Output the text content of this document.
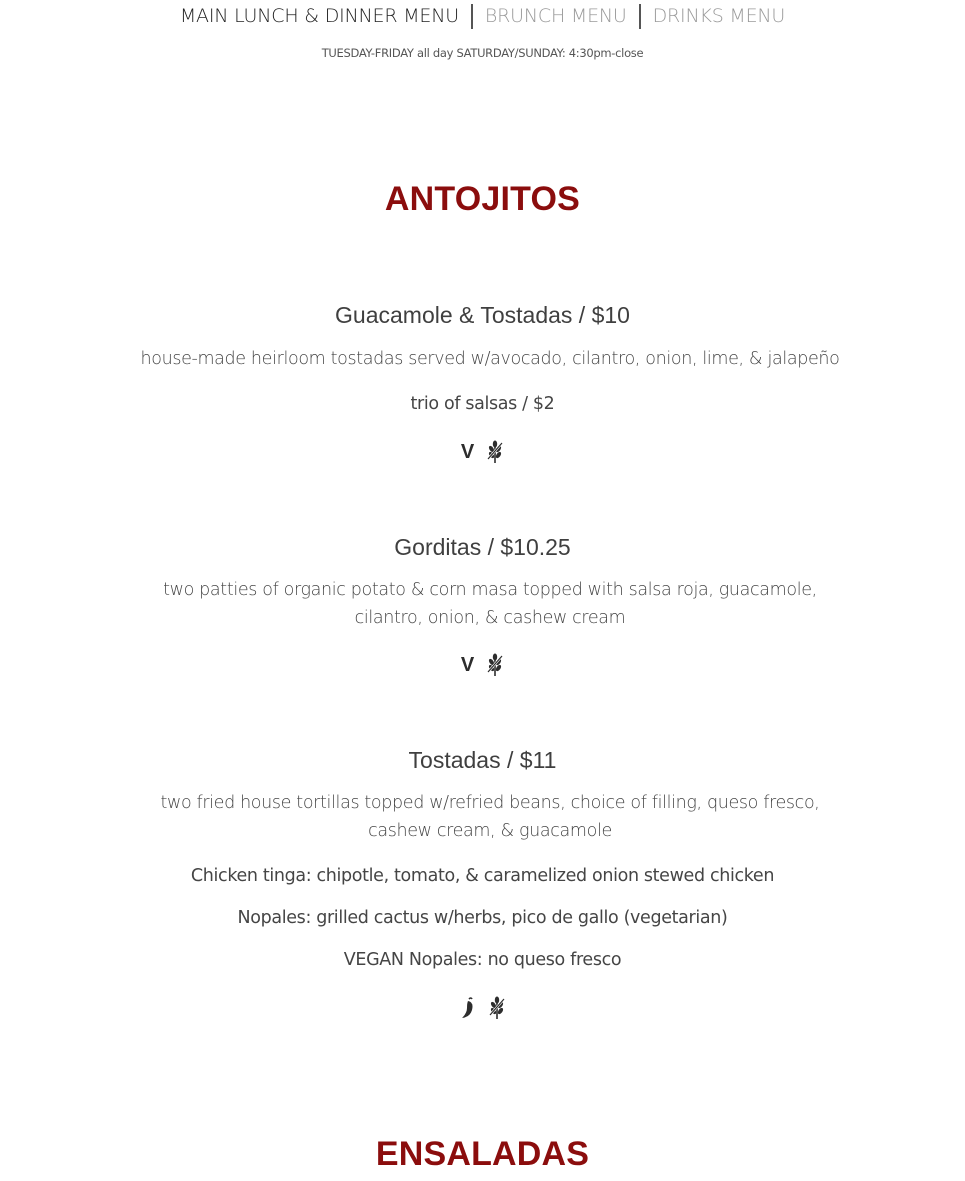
MAIN LUNCH & DINNER MENU	BRUNCH MENU	DRINKS MENU
TUESDAY-FRIDAY all day SATURDAY/SUNDAY: 4:30pm-close
ANTOJITOS
Guacamole & Tostadas / $10
house-made heirloom tostadas served w/avocado, cilantro, onion, lime, & jalapeño
trio of salsas / $2
V
Gorditas / $10.25
two patties of organic potato & corn masa topped with salsa roja, guacamole, cilantro, onion, & cashew cream
V
Tostadas / $11
two fried house tortillas topped w/refried beans, choice of filling, queso fresco, cashew cream, & guacamole
Chicken tinga: chipotle, tomato, & caramelized onion stewed chicken
Nopales: grilled cactus w/herbs, pico de gallo (vegetarian)
VEGAN Nopales: no queso fresco
ENSALADAS
